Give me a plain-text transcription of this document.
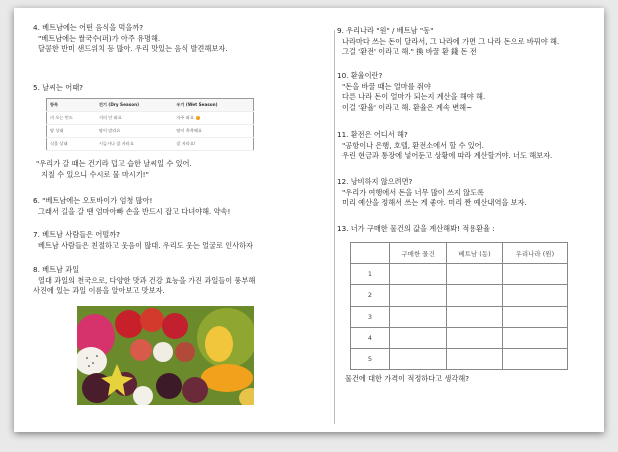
4. 베트남에는 어떤 음식을 먹을까?
"베트남에는 쌀국수(퍼)가 아주 유명해.
달콤한 반미 샌드위치 등 많아. 우리 맛있는 음식 발견해보자.
5. 날씨는 어때?
항목	건기 (Dry Season)	우기 (Wet Season)
비 오는 빈도	거의 안 와요	자주 와요
땅 상태	땅이 말라요	땅이 촉촉해요
식물 상태	시들거나 잘 자라요	잘 자라요!
"우리가 갈 때는 건기라 덥고 습한 날씨일 수 있어.
지칠 수 있으니 수시로 물 마시기!"
6. "베트남에는 오토바이가 엄청 많아!
그래서 길을 갈 땐 엄마아빠 손을 반드시 잡고 다녀야해. 약속!
7. 베트남 사람들은 어떨까?
베트남 사람들은 친절하고 웃음이 많대. 우리도 웃는 얼굴로 인사하자
8. 베트남 과일
열대 과일의 천국으로, 다양한 맛과 건강 효능을 가진 과일들이 풍부해
사진에 있는 과일 이름을 알아보고 맛보자.
9. 우리나라 "원" / 베트남 "동"
나라마다 쓰는 돈이 달라서, 그 나라에 가면 그 나라 돈으로 바꿔야 해.
그걸 '환전' 이라고 해." 換 바꿀 환 錢 돈 전
10. 환율이란?
"돈을 바꿀 때는 얼마를 줘야
다른 나라 돈이 얼마가 되는지 계산을 해야 해.
이걸 '환율' 이라고 해. 환율은 계속 변해~
11. 환전은 어디서 해?
"공항이나 은행, 호텔, 환전소에서 할 수 있어.
우린 현금과 통장에 넣어둔고 상황에 따라 계산할거야. 너도 해보자.
12. 낭비하지 않으려면?
"우리가 여행에서 돈을 너무 많이 쓰지 않도록
미리 예산을 정해서 쓰는 게 좋아. 미리 짠 예산내역을 보자.
13. 너가 구매한 물건의 값을 계산해봐! 적용환율 :
	구매한 물건	베트남 (동)	우리나라 (원)
1			
2			
3			
4			
5			
물건에 대한 가격이 적정하다고 생각해?
